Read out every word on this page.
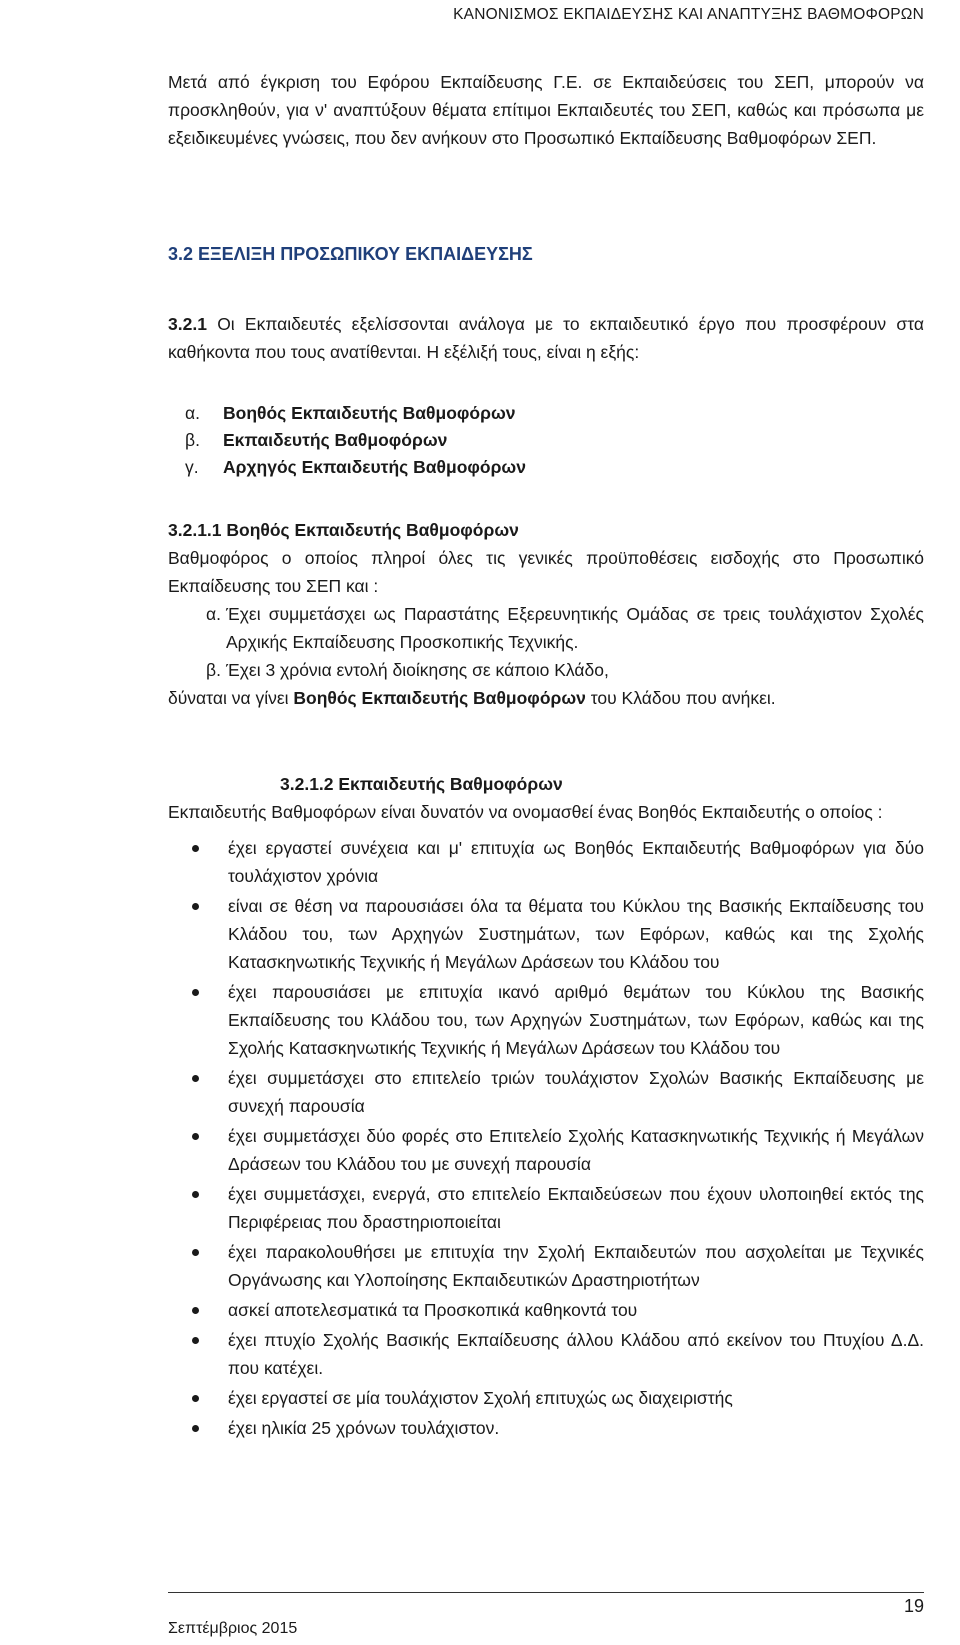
ΚΑΝΟΝΙΣΜΟΣ ΕΚΠΑΙΔΕΥΣΗΣ ΚΑΙ ΑΝΑΠΤΥΞΗΣ ΒΑΘΜΟΦΟΡΩΝ
Μετά από έγκριση του Εφόρου Εκπαίδευσης Γ.Ε. σε Εκπαιδεύσεις του ΣΕΠ, μπορούν να προσκληθούν, για ν' αναπτύξουν θέματα επίτιμοι Εκπαιδευτές του ΣΕΠ, καθώς και πρόσωπα με εξειδικευμένες γνώσεις, που δεν ανήκουν στο Προσωπικό Εκπαίδευσης Βαθμοφόρων ΣΕΠ.
3.2 ΕΞΕΛΙΞΗ ΠΡΟΣΩΠΙΚΟΥ ΕΚΠΑΙΔΕΥΣΗΣ
3.2.1 Οι Εκπαιδευτές εξελίσσονται ανάλογα με το εκπαιδευτικό έργο που προσφέρουν στα καθήκοντα που τους ανατίθενται. Η εξέλιξή τους, είναι η εξής:
α.	Βοηθός Εκπαιδευτής Βαθμοφόρων
β.	Εκπαιδευτής Βαθμοφόρων
γ.	Αρχηγός Εκπαιδευτής Βαθμοφόρων
3.2.1.1 Βοηθός Εκπαιδευτής Βαθμοφόρων
Βαθμοφόρος ο οποίος πληροί όλες τις γενικές προϋποθέσεις εισδοχής στο Προσωπικό Εκπαίδευσης του ΣΕΠ και :
α. Έχει συμμετάσχει ως Παραστάτης Εξερευνητικής Ομάδας σε τρεις τουλάχιστον Σχολές Αρχικής Εκπαίδευσης Προσκοπικής Τεχνικής.
β. Έχει 3 χρόνια εντολή διοίκησης σε κάποιο Κλάδο,
δύναται να γίνει Βοηθός Εκπαιδευτής Βαθμοφόρων του Κλάδου που ανήκει.
3.2.1.2 Εκπαιδευτής Βαθμοφόρων
Εκπαιδευτής Βαθμοφόρων είναι δυνατόν να ονομασθεί ένας Βοηθός Εκπαιδευτής ο οποίος :
έχει εργαστεί συνέχεια και μ' επιτυχία ως Βοηθός Εκπαιδευτής Βαθμοφόρων για δύο τουλάχιστον χρόνια
είναι σε θέση να παρουσιάσει όλα τα θέματα του Κύκλου της Βασικής Εκπαίδευσης του Κλάδου του, των Αρχηγών Συστημάτων, των Εφόρων, καθώς και της Σχολής Κατασκηνωτικής Τεχνικής ή Μεγάλων Δράσεων του Κλάδου του
έχει παρουσιάσει με επιτυχία ικανό αριθμό θεμάτων του Κύκλου της Βασικής Εκπαίδευσης του Κλάδου του, των Αρχηγών Συστημάτων, των Εφόρων, καθώς και της Σχολής Κατασκηνωτικής Τεχνικής ή Μεγάλων Δράσεων του Κλάδου του
έχει συμμετάσχει στο επιτελείο τριών τουλάχιστον Σχολών Βασικής Εκπαίδευσης με συνεχή παρουσία
έχει συμμετάσχει δύο φορές στο Επιτελείο Σχολής Κατασκηνωτικής Τεχνικής ή Μεγάλων Δράσεων του Κλάδου του με συνεχή παρουσία
έχει συμμετάσχει, ενεργά, στο επιτελείο Εκπαιδεύσεων που έχουν υλοποιηθεί εκτός της Περιφέρειας που δραστηριοποιείται
έχει παρακολουθήσει με επιτυχία την Σχολή Εκπαιδευτών που ασχολείται με Τεχνικές Οργάνωσης και Υλοποίησης Εκπαιδευτικών Δραστηριοτήτων
ασκεί αποτελεσματικά τα Προσκοπικά καθηκοντά του
έχει πτυχίο Σχολής Βασικής Εκπαίδευσης άλλου Κλάδου από εκείνον του Πτυχίου Δ.Δ. που κατέχει.
έχει εργαστεί σε μία τουλάχιστον Σχολή επιτυχώς ως διαχειριστής
έχει ηλικία 25 χρόνων τουλάχιστον.
19
Σεπτέμβριος 2015
